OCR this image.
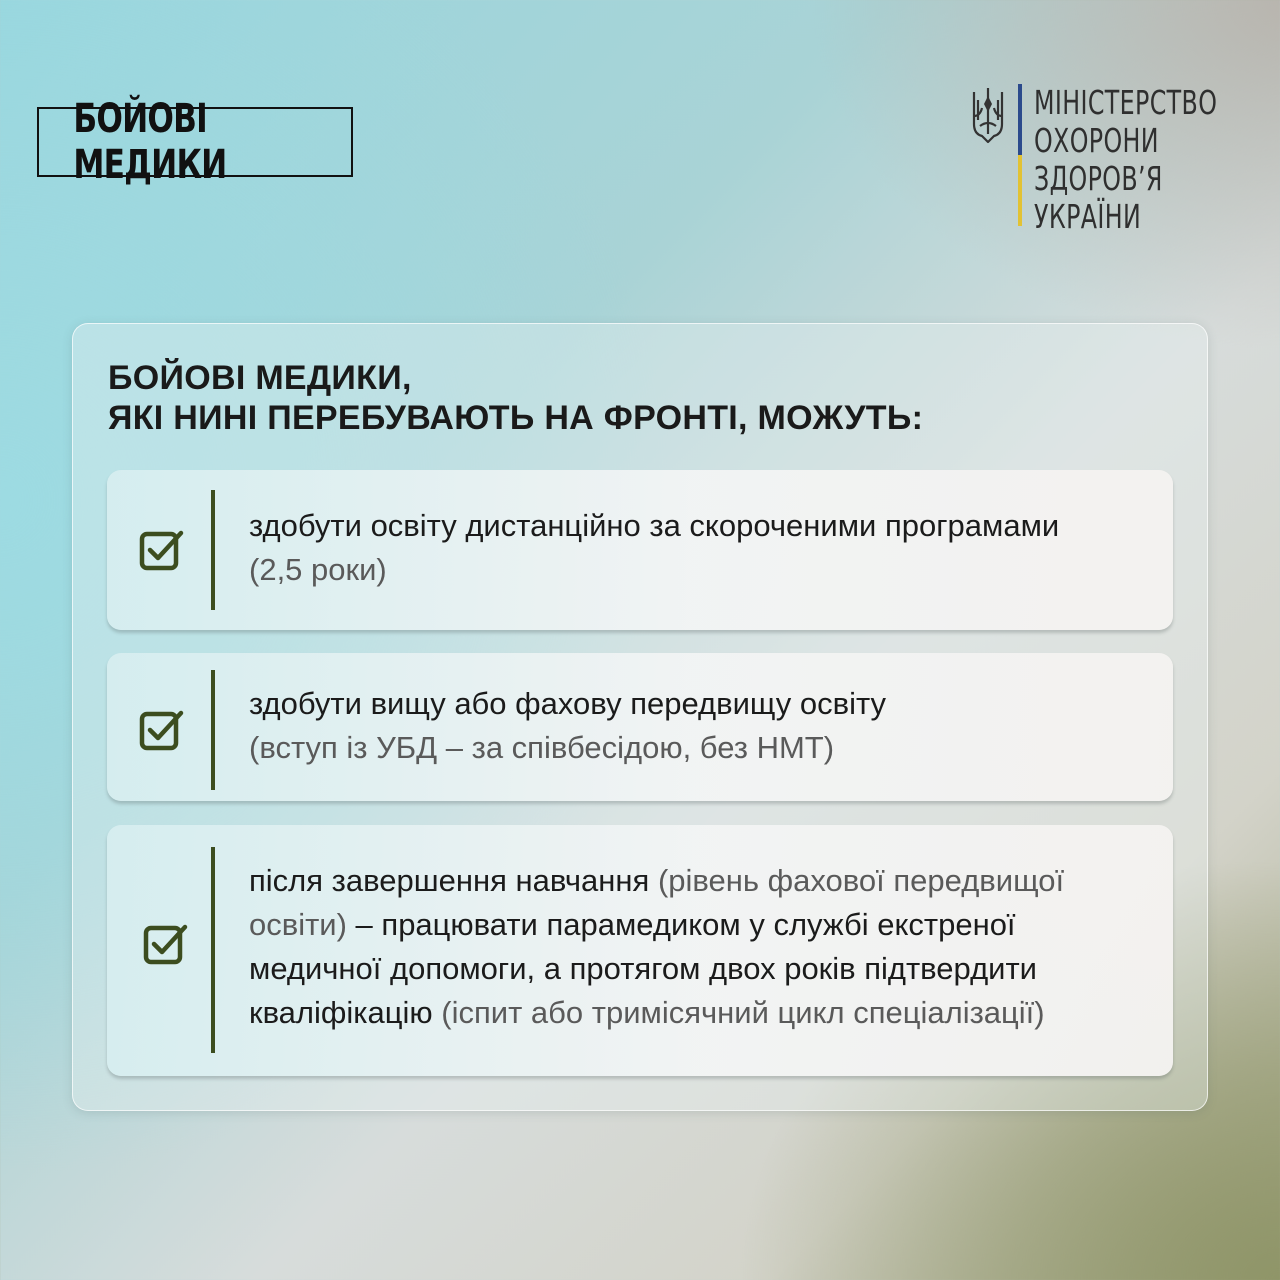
БОЙОВІ МЕДИКИ
МІНІСТЕРСТВО
ОХОРОНИ
ЗДОРОВ’Я
УКРАЇНИ
БОЙОВІ МЕДИКИ,
ЯКІ НИНІ ПЕРЕБУВАЮТЬ НА ФРОНТІ, МОЖУТЬ:
здобути освіту дистанційно за скороченими програмами
(2,5 роки)
здобути вищу або фахову передвищу освіту
(вступ із УБД – за співбесідою, без НМТ)
після завершення навчання (рівень фахової передвищої освіти) – працювати парамедиком у службі екстреної медичної допомоги, а протягом двох років підтвердити кваліфікацію (іспит або тримісячний цикл спеціалізації)
